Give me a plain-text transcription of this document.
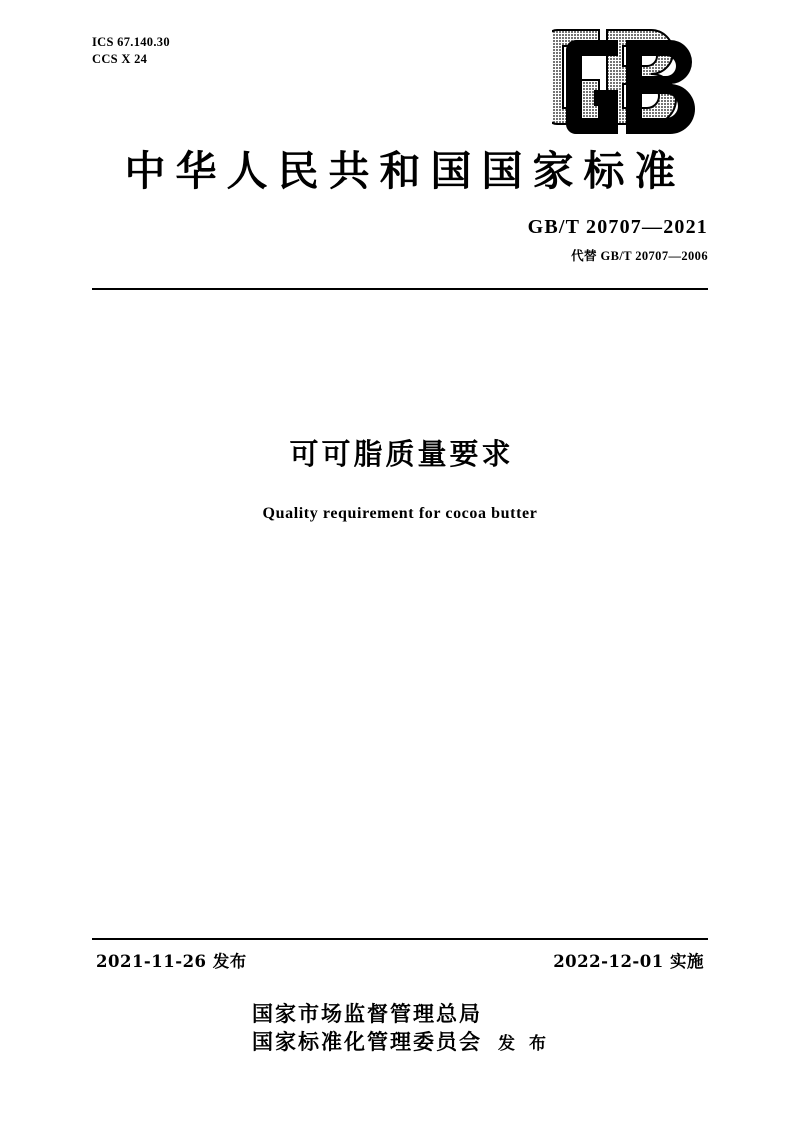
ICS 67.140.30
CCS X 24
中华人民共和国国家标准
GB/T 20707—2021
代替 GB/T 20707—2006
可可脂质量要求
Quality requirement for cocoa butter
2021-11-26 发布	2022-12-01 实施
国家市场监督管理总局
国家标准化管理委员会 发 布
